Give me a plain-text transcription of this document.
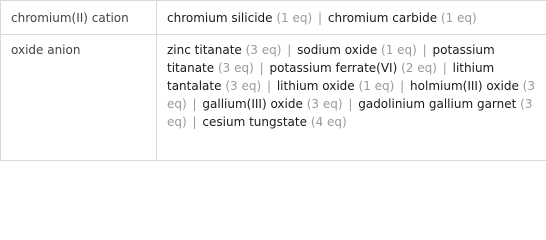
chromium(II) cation	chromium silicide (1 eq) | chromium carbide (1 eq)
oxide anion	zinc titanate (3 eq) | sodium oxide (1 eq) | potassium titanate (3 eq) | potassium ferrate(VI) (2 eq) | lithium tantalate (3 eq) | lithium oxide (1 eq) | holmium(III) oxide (3 eq) | gallium(III) oxide (3 eq) | gadolinium gallium garnet (3 eq) | cesium tungstate (4 eq)
